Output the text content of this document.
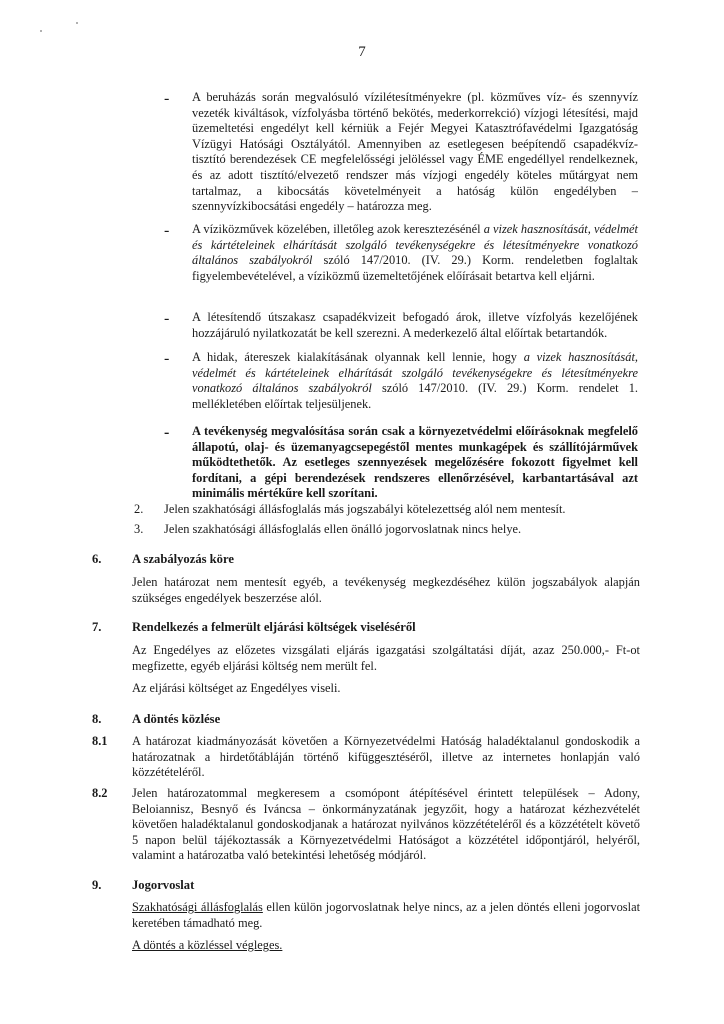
7
- A beruházás során megvalósuló vízilétesítményekre (pl. közműves víz- és szennyvíz vezeték kiváltások, vízfolyásba történő bekötés, mederkorrekció) vízjogi létesítési, majd üzemeltetési engedélyt kell kérniük a Fejér Megyei Katasztrófavédelmi Igazgatóság Vízügyi Hatósági Osztályától. Amennyiben az esetlegesen beépítendő csapadékvíz-tisztító berendezések CE megfelelősségi jelöléssel vagy ÉME engedéllyel rendelkeznek, és az adott tisztító/elvezető rendszer más vízjogi engedély köteles műtárgyat nem tartalmaz, a kibocsátás követelményeit a hatóság külön engedélyben – szennyvízkibocsátási engedély – határozza meg.
- A víziközművek közelében, illetőleg azok keresztezésénél a vizek hasznosítását, védelmét és kártételeinek elhárítását szolgáló tevékenységekre és létesítményekre vonatkozó általános szabályokról szóló 147/2010. (IV. 29.) Korm. rendeletben foglaltak figyelembevételével, a víziközmű üzemeltetőjének előírásait betartva kell eljárni.
- A létesítendő útszakasz csapadékvizeit befogadó árok, illetve vízfolyás kezelőjének hozzájáruló nyilatkozatát be kell szerezni. A mederkezelő által előírtak betartandók.
- A hidak, átereszek kialakításának olyannak kell lennie, hogy a vizek hasznosítását, védelmét és kártételeinek elhárítását szolgáló tevékenységekre és létesítményekre vonatkozó általános szabályokról szóló 147/2010. (IV. 29.) Korm. rendelet 1. mellékletében előírtak teljesüljenek.
- A tevékenység megvalósítása során csak a környezetvédelmi előírásoknak megfelelő állapotú, olaj- és üzemanyagcsepegéstől mentes munkagépek és szállítójárművek működtethetők. Az esetleges szennyezések megelőzésére fokozott figyelmet kell fordítani, a gépi berendezések rendszeres ellenőrzésével, karbantartásával azt minimális mértékűre kell szorítani.
2. Jelen szakhatósági állásfoglalás más jogszabályi kötelezettség alól nem mentesít.
3. Jelen szakhatósági állásfoglalás ellen önálló jogorvoslatnak nincs helye.
6. A szabályozás köre
Jelen határozat nem mentesít egyéb, a tevékenység megkezdéséhez külön jogszabályok alapján szükséges engedélyek beszerzése alól.
7. Rendelkezés a felmerült eljárási költségek viseléséről
Az Engedélyes az előzetes vizsgálati eljárás igazgatási szolgáltatási díját, azaz 250.000,- Ft-ot megfizette, egyéb eljárási költség nem merült fel.
Az eljárási költséget az Engedélyes viseli.
8. A döntés közlése
8.1 A határozat kiadmányozását követően a Környezetvédelmi Hatóság haladéktalanul gondoskodik a határozatnak a hirdetőtábláján történő kifüggesztéséről, illetve az internetes honlapján való közzétételéről.
8.2 Jelen határozatommal megkeresem a csomópont átépítésével érintett települések – Adony, Beloiannisz, Besnyő és Iváncsa – önkormányzatának jegyzőit, hogy a határozat kézhezvételét követően haladéktalanul gondoskodjanak a határozat nyilvános közzétételéről és a közzétételt követő 5 napon belül tájékoztassák a Környezetvédelmi Hatóságot a közzététel időpontjáról, helyéről, valamint a határozatba való betekintési lehetőség módjáról.
9. Jogorvoslat
Szakhatósági állásfoglalás ellen külön jogorvoslatnak helye nincs, az a jelen döntés elleni jogorvoslat keretében támadható meg.
A döntés a közléssel végleges.
